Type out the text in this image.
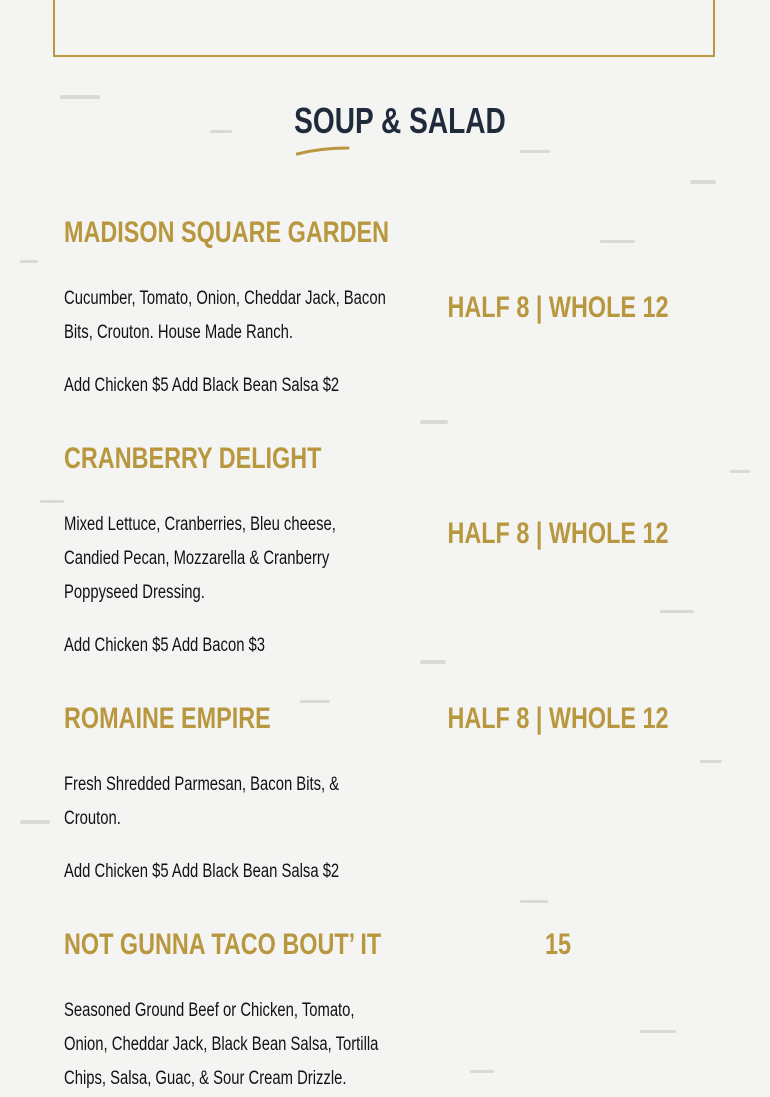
SOUP & SALAD
MADISON SQUARE GARDEN
HALF 8 | WHOLE 12
Cucumber, Tomato, Onion, Cheddar Jack, Bacon Bits, Crouton. House Made Ranch.
Add Chicken $5 Add Black Bean Salsa $2
CRANBERRY DELIGHT
HALF 8 | WHOLE 12
Mixed Lettuce, Cranberries, Bleu cheese, Candied Pecan, Mozzarella & Cranberry Poppyseed Dressing.
Add Chicken $5 Add Bacon $3
ROMAINE EMPIRE	HALF 8 | WHOLE 12
Fresh Shredded Parmesan, Bacon Bits, & Crouton.
Add Chicken $5 Add Black Bean Salsa $2
NOT GUNNA TACO BOUT’ IT	15
Seasoned Ground Beef or Chicken, Tomato, Onion, Cheddar Jack, Black Bean Salsa, Tortilla Chips, Salsa, Guac, & Sour Cream Drizzle.
